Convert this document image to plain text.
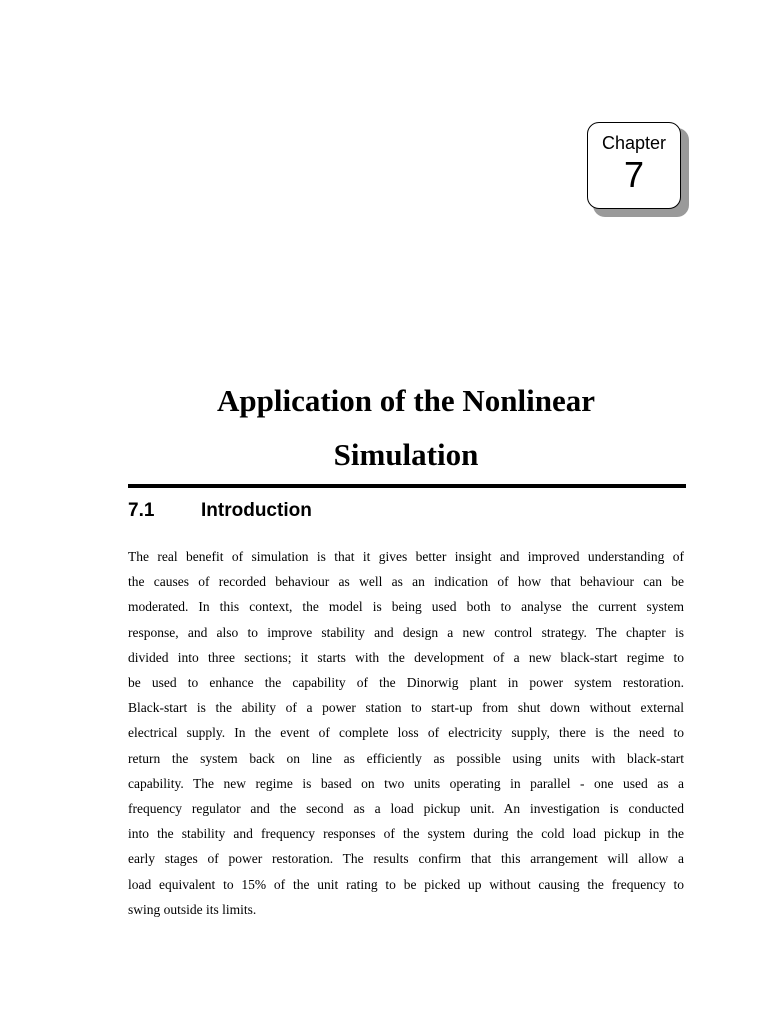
Chapter
7
Application of the Nonlinear
Simulation
7.1 Introduction

The real benefit of simulation is that it gives better insight and improved understanding of
the causes of recorded behaviour as well as an indication of how that behaviour can be
moderated. In this context, the model is being used both to analyse the current system
response, and also to improve stability and design a new control strategy. The chapter is
divided into three sections; it starts with the development of a new black-start regime to
be used to enhance the capability of the Dinorwig plant in power system restoration.
Black-start is the ability of a power station to start-up from shut down without external
electrical supply. In the event of complete loss of electricity supply, there is the need to
return the system back on line as efficiently as possible using units with black-start
capability. The new regime is based on two units operating in parallel - one used as a
frequency regulator and the second as a load pickup unit. An investigation is conducted
into the stability and frequency responses of the system during the cold load pickup in the
early stages of power restoration. The results confirm that this arrangement will allow a
load equivalent to 15% of the unit rating to be picked up without causing the frequency to
swing outside its limits.
